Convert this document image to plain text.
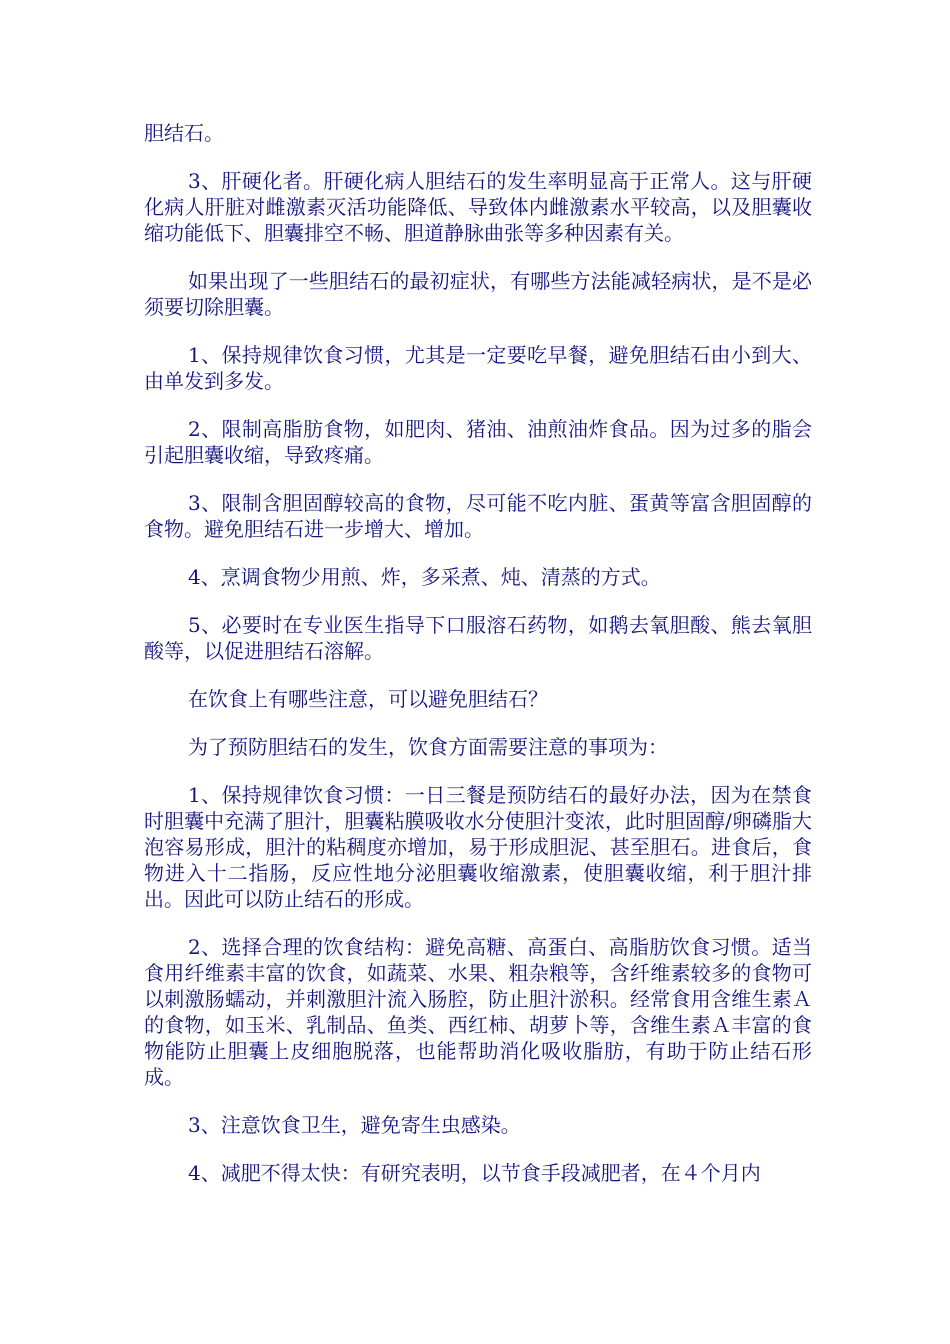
胆结石。

3、肝硬化者。肝硬化病人胆结石的发生率明显高于正常人。这与肝硬化病人肝脏对雌激素灭活功能降低、导致体内雌激素水平较高，以及胆囊收缩功能低下、胆囊排空不畅、胆道静脉曲张等多种因素有关。

如果出现了一些胆结石的最初症状，有哪些方法能减轻病状，是不是必须要切除胆囊。

1、保持规律饮食习惯，尤其是一定要吃早餐，避免胆结石由小到大、由单发到多发。

2、限制高脂肪食物，如肥肉、猪油、油煎油炸食品。因为过多的脂会引起胆囊收缩，导致疼痛。

3、限制含胆固醇较高的食物，尽可能不吃内脏、蛋黄等富含胆固醇的食物。避免胆结石进一步增大、增加。

4、烹调食物少用煎、炸，多采煮、炖、清蒸的方式。

5、必要时在专业医生指导下口服溶石药物，如鹅去氧胆酸、熊去氧胆酸等，以促进胆结石溶解。

在饮食上有哪些注意，可以避免胆结石？

为了预防胆结石的发生，饮食方面需要注意的事项为：

1、保持规律饮食习惯：一日三餐是预防结石的最好办法，因为在禁食时胆囊中充满了胆汁，胆囊粘膜吸收水分使胆汁变浓，此时胆固醇/卵磷脂大泡容易形成，胆汁的粘稠度亦增加，易于形成胆泥、甚至胆石。进食后，食物进入十二指肠，反应性地分泌胆囊收缩激素，使胆囊收缩，利于胆汁排出。因此可以防止结石的形成。

2、选择合理的饮食结构：避免高糖、高蛋白、高脂肪饮食习惯。适当食用纤维素丰富的饮食，如蔬菜、水果、粗杂粮等，含纤维素较多的食物可以刺激肠蠕动，并刺激胆汁流入肠腔，防止胆汁淤积。经常食用含维生素Ａ的食物，如玉米、乳制品、鱼类、西红柿、胡萝卜等，含维生素Ａ丰富的食物能防止胆囊上皮细胞脱落，也能帮助消化吸收脂肪，有助于防止结石形成。

3、注意饮食卫生，避免寄生虫感染。

4、减肥不得太快：有研究表明，以节食手段减肥者，在４个月内
